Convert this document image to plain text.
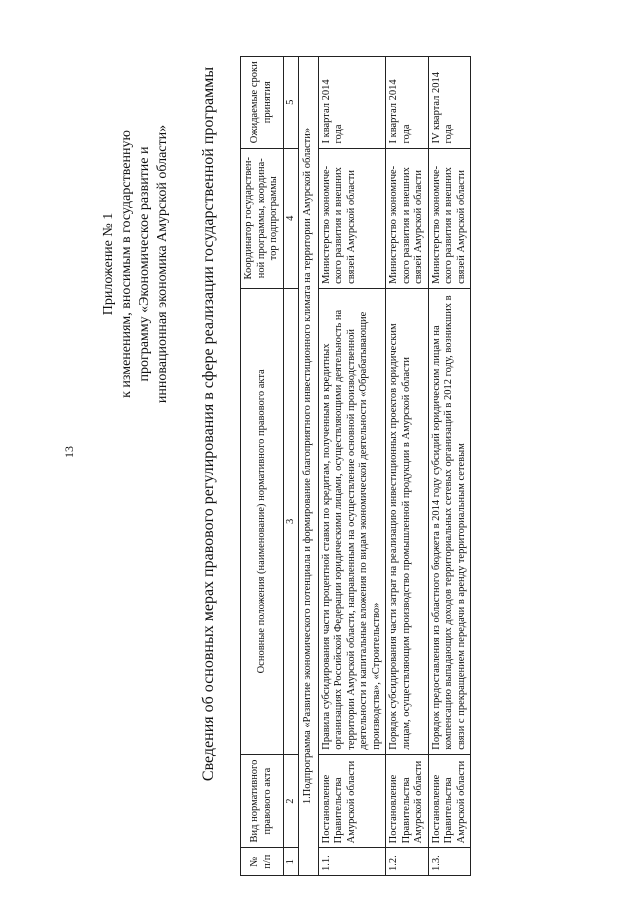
13
Приложение № 1 к изменениям, вносимым в государственную программу «Экономическое развитие и инновационная экономика Амурской области» Сведения об основных мерах правового регулирования в сфере реализации государственной программы
№ п/п	Вид нормативного правового акта	Основные положения (наименование) нормативного правового акта	Координатор государствен-ной программы, координа-тор подпрограммы	Ожидаемые сроки принятия
1	2	3	4	5
1.Подпрограмма «Развитие экономического потенциала и формирование благоприятного инвестиционного климата на территории Амурской области»				
1.1.	Постановление Правительства Амурской области	Правила субсидирования части процентной ставки по кредитам, полученным в кредитных организациях Российской Федерации юридическими лицами, осуществляющими деятельность на территории Амурской области, направленным на осуществление основной производственной деятельности и капитальные вложения по видам экономической деятельности «Обрабатывающие производства», «Строительство»	Министерство экономиче-ского развития и внешних связей Амурской области	I квартал 2014 года
1.2.	Постановление Правительства Амурской области	Порядок субсидирования части затрат на реализацию инвестиционных проектов юридическим лицам, осуществляющим производство промышленной продукции в Амурской области	Министерство экономиче-ского развития и внешних связей Амурской области	I квартал 2014 года
1.3.	Постановление Правительства Амурской области	Порядок предоставления из областного бюджета в 2014 году субсидий юридическим лицам на компенсацию выпадающих доходов территориальных сетевых организаций в 2012 году, возникших в связи с прекращением передачи в аренду территориальным сетевым	Министерство экономиче-ского развития и внешних связей Амурской области	IV квартал 2014 года
